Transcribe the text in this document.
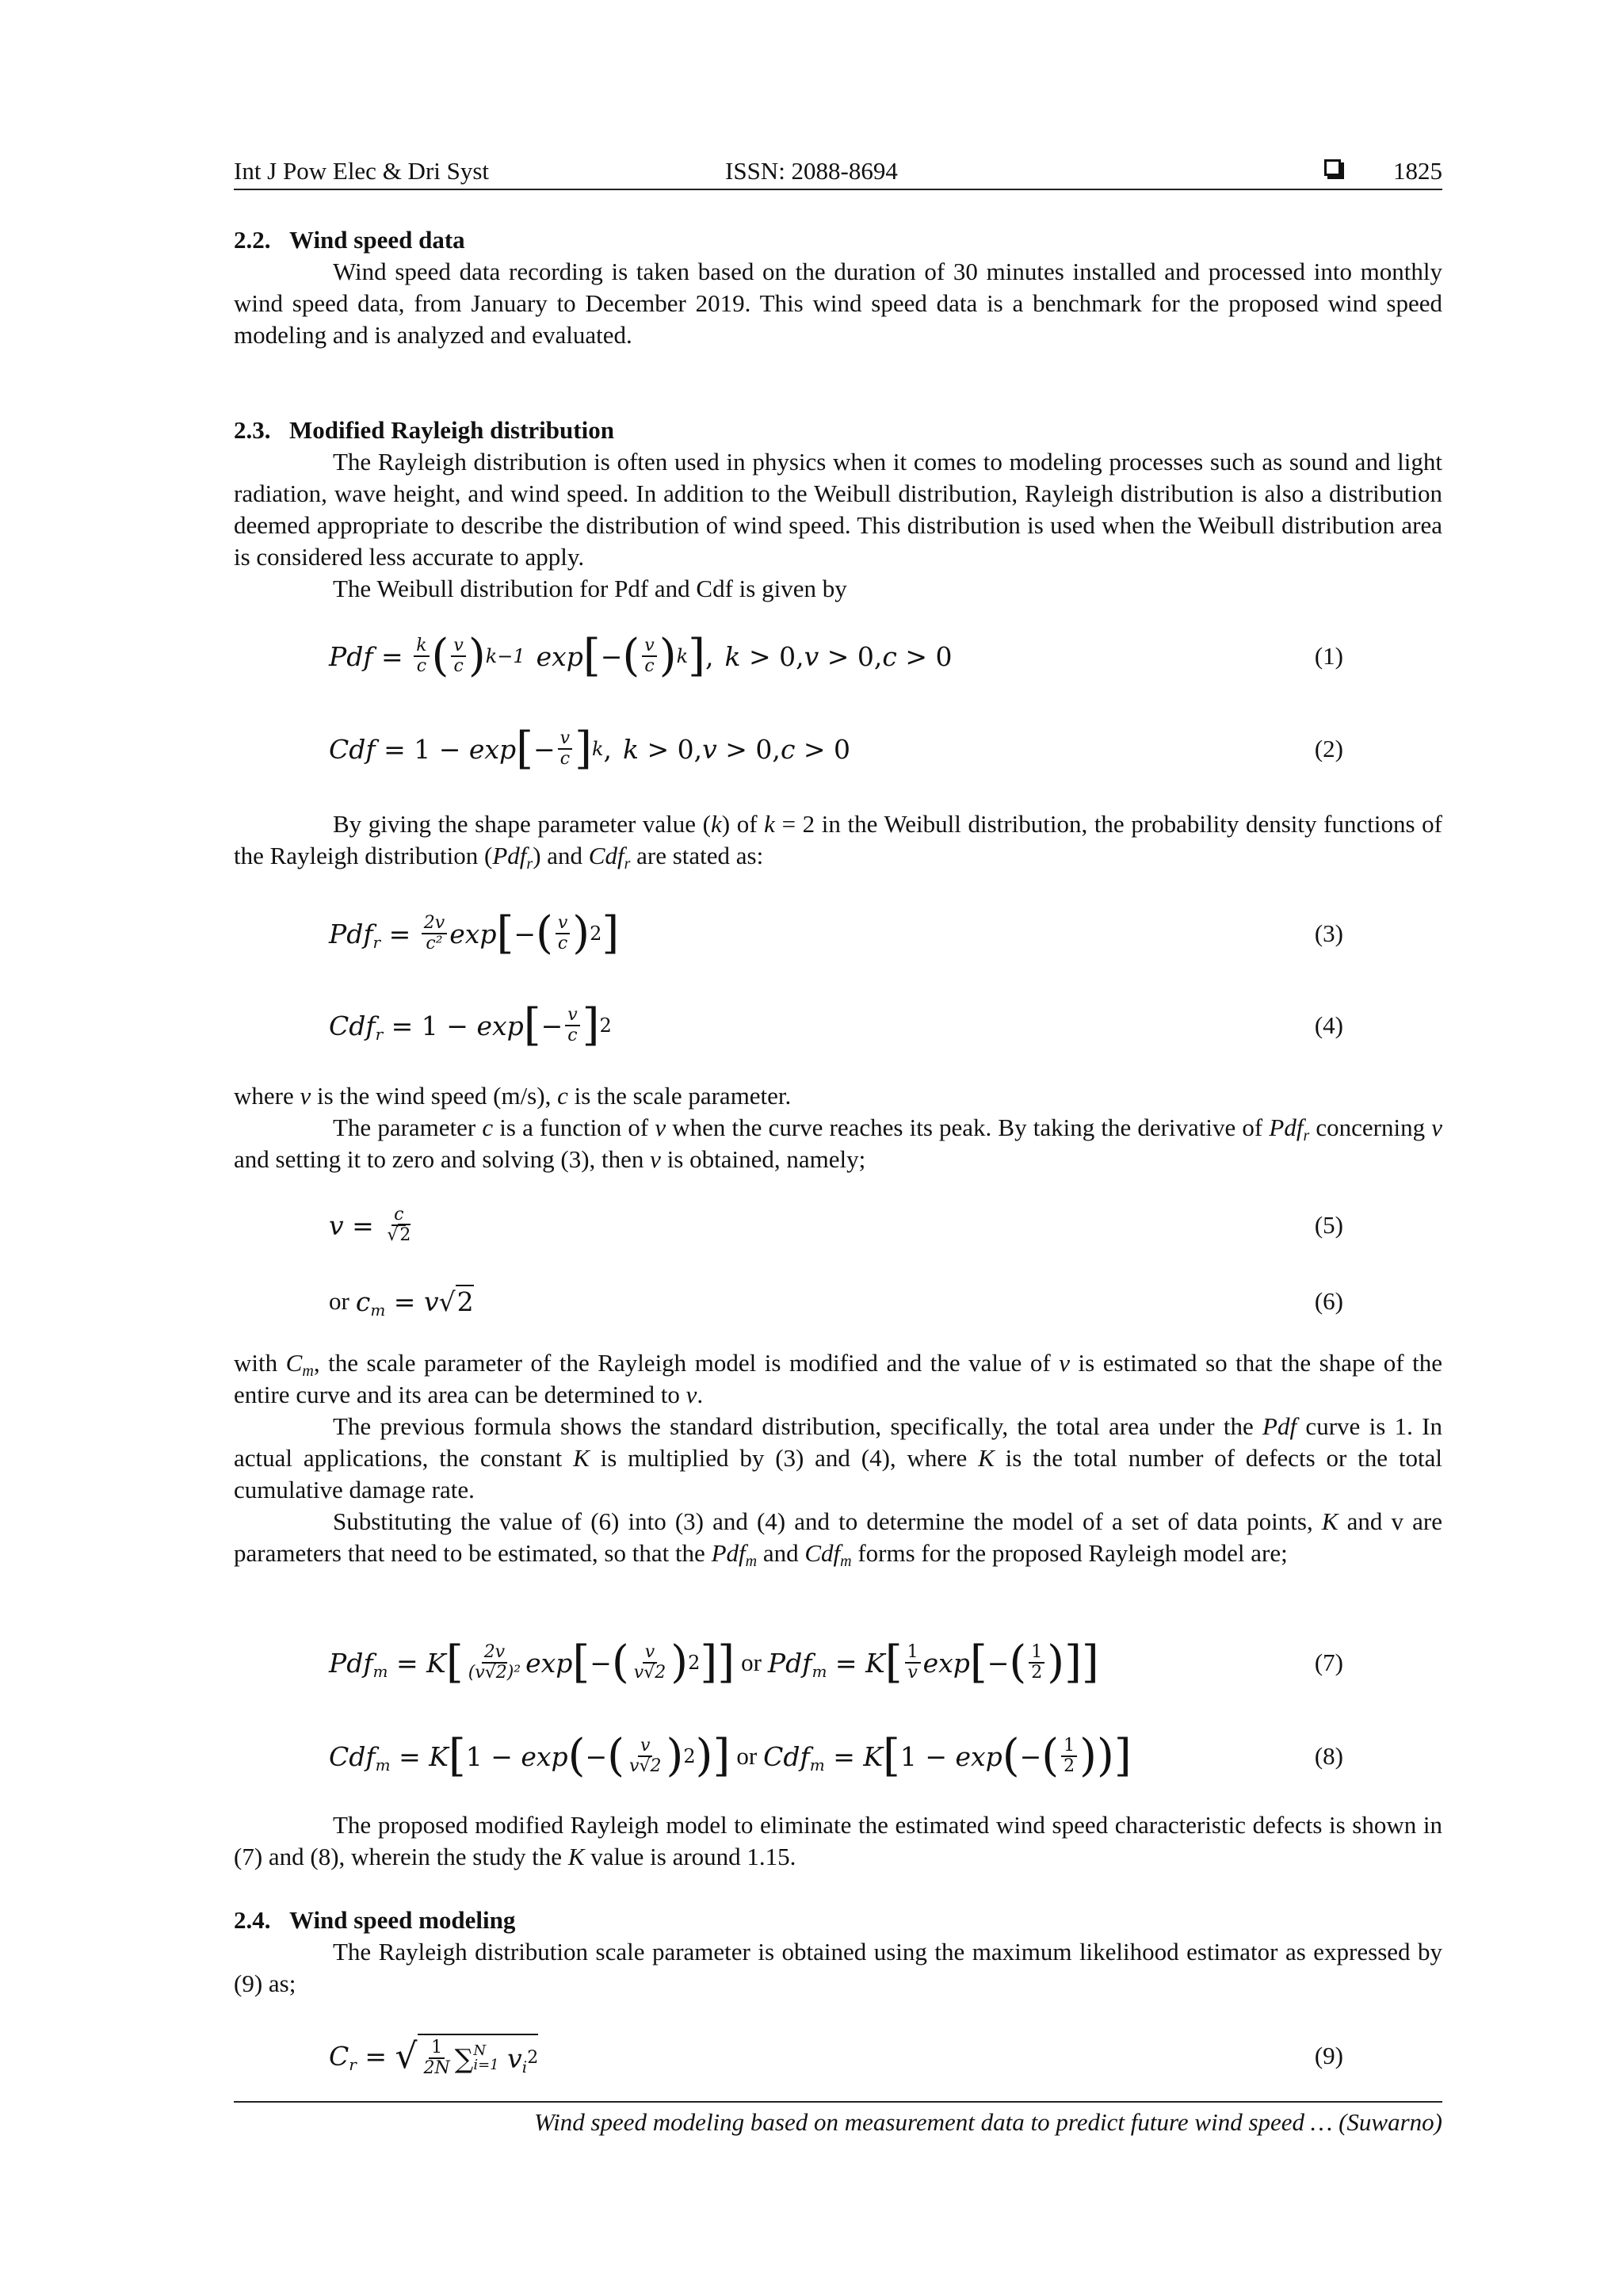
Int J Pow Elec & Dri Syst	ISSN: 2088-8694	1825
2.2. Wind speed data

Wind speed data recording is taken based on the duration of 30 minutes installed and processed into monthly wind speed data, from January to December 2019. This wind speed data is a benchmark for the proposed wind speed modeling and is analyzed and evaluated.

2.3. Modified Rayleigh distribution

The Rayleigh distribution is often used in physics when it comes to modeling processes such as sound and light radiation, wave height, and wind speed. In addition to the Weibull distribution, Rayleigh distribution is also a distribution deemed appropriate to describe the distribution of wind speed. This distribution is used when the Weibull distribution area is considered less accurate to apply.

The Weibull distribution for Pdf and Cdf is given by

Pdf
=
$\frac{k}{c}$ ( $\frac{v}{c}$ ) k−1 exp [ − ( $\frac{v}{c}$ ) k ] , k
> 0, v
> 0, c
> 0	(1)
Cdf
= 1 −
exp [ − $\frac{v}{c}$ ] k , k
> 0, v
> 0, c
> 0	(2)

By giving the shape parameter value (k) of k = 2 in the Weibull distribution, the probability density functions of the Rayleigh distribution (Pdf$_r$) and Cdf$_r$ are stated as:

Pdf$_r$
=
$\frac{2v}{\text{c²}}$ exp [ − ( $\frac{v}{c}$ ) 2 ]	(3)
Cdf$_r$
= 1 −
exp [ − $\frac{v}{c}$ ] 2	(4)

where v is the wind speed (m/s), c is the scale parameter.

The parameter c is a function of v when the curve reaches its peak. By taking the derivative of Pdf$_r$ concerning v and setting it to zero and solving (3), then v is obtained, namely;

v
=
$\frac{c}{√2}$	(5)
or $c_m$
=
v √2	(6)

with $C_m$, the scale parameter of the Rayleigh model is modified and the value of v is estimated so that the shape of the entire curve and its area can be determined to v.

The previous formula shows the standard distribution, specifically, the total area under the Pdf curve is 1. In actual applications, the constant K is multiplied by (3) and (4), where K is the total number of defects or the total cumulative damage rate.

Substituting the value of (6) into (3) and (4) and to determine the model of a set of data points, K and v are parameters that need to be estimated, so that the Pdf$_m$ and Cdf$_m$ forms for the proposed Rayleigh model are;

Pdf$_m$
=
K [ $\frac{2v}{\text{(v√2)²}}$ exp [ − ( $\frac{v}{v√2}$ ) 2 ]] or Pdf$_m$
=
K [ $\frac{1}{v}$ exp [ − ( $\frac{1}{2}$ )]]	(7)
Cdf$_m$
=
K [ 1 −
exp ( − ( $\frac{v}{v√2}$ ) 2 )] or Cdf$_m$
=
K [ 1 −
exp ( − ( $\frac{1}{2}$ ))]	(8)

The proposed modified Rayleigh model to eliminate the estimated wind speed characteristic defects is shown in (7) and (8), wherein the study the K value is around 1.15.

2.4. Wind speed modeling

The Rayleigh distribution scale parameter is obtained using the maximum likelihood estimator as expressed by (9) as;

$C_r$
=
√ $\frac{1}{2N}$ ∑ N
i=1
$v_i$ 2	(9)
Wind speed modeling based on measurement data to predict future wind speed … (Suwarno)
